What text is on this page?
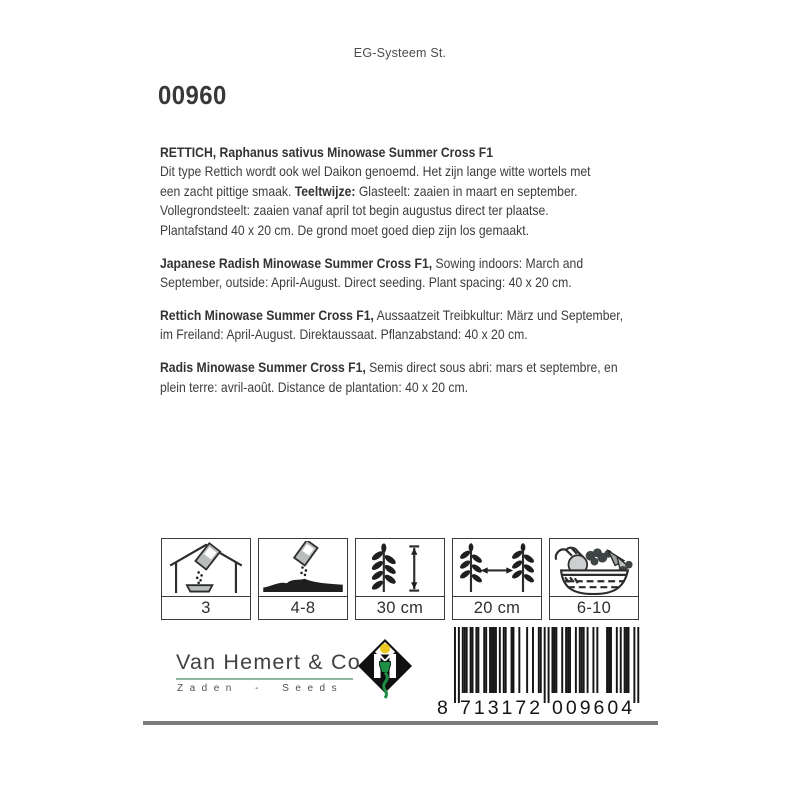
EG-Systeem St.
00960

RETTICH, Raphanus sativus Minowase Summer Cross F1
Dit type Rettich wordt ook wel Daikon genoemd. Het zijn lange witte wortels met
een zacht pittige smaak. Teeltwijze: Glasteelt: zaaien in maart en september.
Vollegrondsteelt: zaaien vanaf april tot begin augustus direct ter plaatse.
Plantafstand 40 x 20 cm. De grond moet goed diep zijn los gemaakt.

Japanese Radish Minowase Summer Cross F1, Sowing indoors: March and
September, outside: April-August. Direct seeding. Plant spacing: 40 x 20 cm.

Rettich Minowase Summer Cross F1, Aussaatzeit Treibkultur: März und September,
im Freiland: April-August. Direktaussaat. Pflanzabstand: 40 x 20 cm.

Radis Minowase Summer Cross F1, Semis direct sous abri: mars et septembre, en
plein terre: avril-août. Distance de plantation: 40 x 20 cm.

3	4-8	30 cm	20 cm	6-10
Van Hemert & Co
Zaden - Seeds
8 713172 009604
